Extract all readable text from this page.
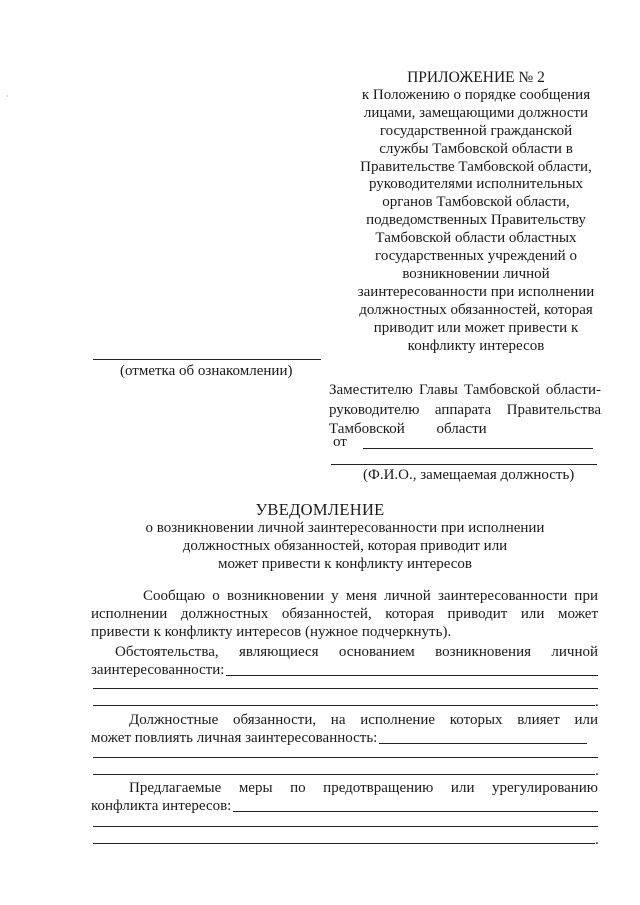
·
ПРИЛОЖЕНИЕ № 2
к Положению о порядке сообщения
лицами, замещающими должности
государственной гражданской
службы Тамбовской области в
Правительстве Тамбовской области,
руководителями исполнительных
органов Тамбовской области,
подведомственных Правительству
Тамбовской области областных
государственных учреждений о
возникновении личной
заинтересованности при исполнении
должностных обязанностей, которая
приводит или может привести к
конфликту интересов
(отметка об ознакомлении)
Заместителю Главы Тамбовской области-
руководителю аппарата Правительства
Тамбовской области
от
(Ф.И.О., замещаемая должность)
УВЕДОМЛЕНИЕ
о возникновении личной заинтересованности при исполнении
должностных обязанностей, которая приводит или
может привести к конфликту интересов
Сообщаю о возникновении у меня личной заинтересованности при
исполнении должностных обязанностей, которая приводит или может
привести к конфликту интересов (нужное подчеркнуть).
Обстоятельства, являющиеся основанием возникновения личной
заинтересованности:
.
Должностные обязанности, на исполнение которых влияет или
может повлиять личная заинтересованность:
.
Предлагаемые меры по предотвращению или урегулированию
конфликта интересов:
.
